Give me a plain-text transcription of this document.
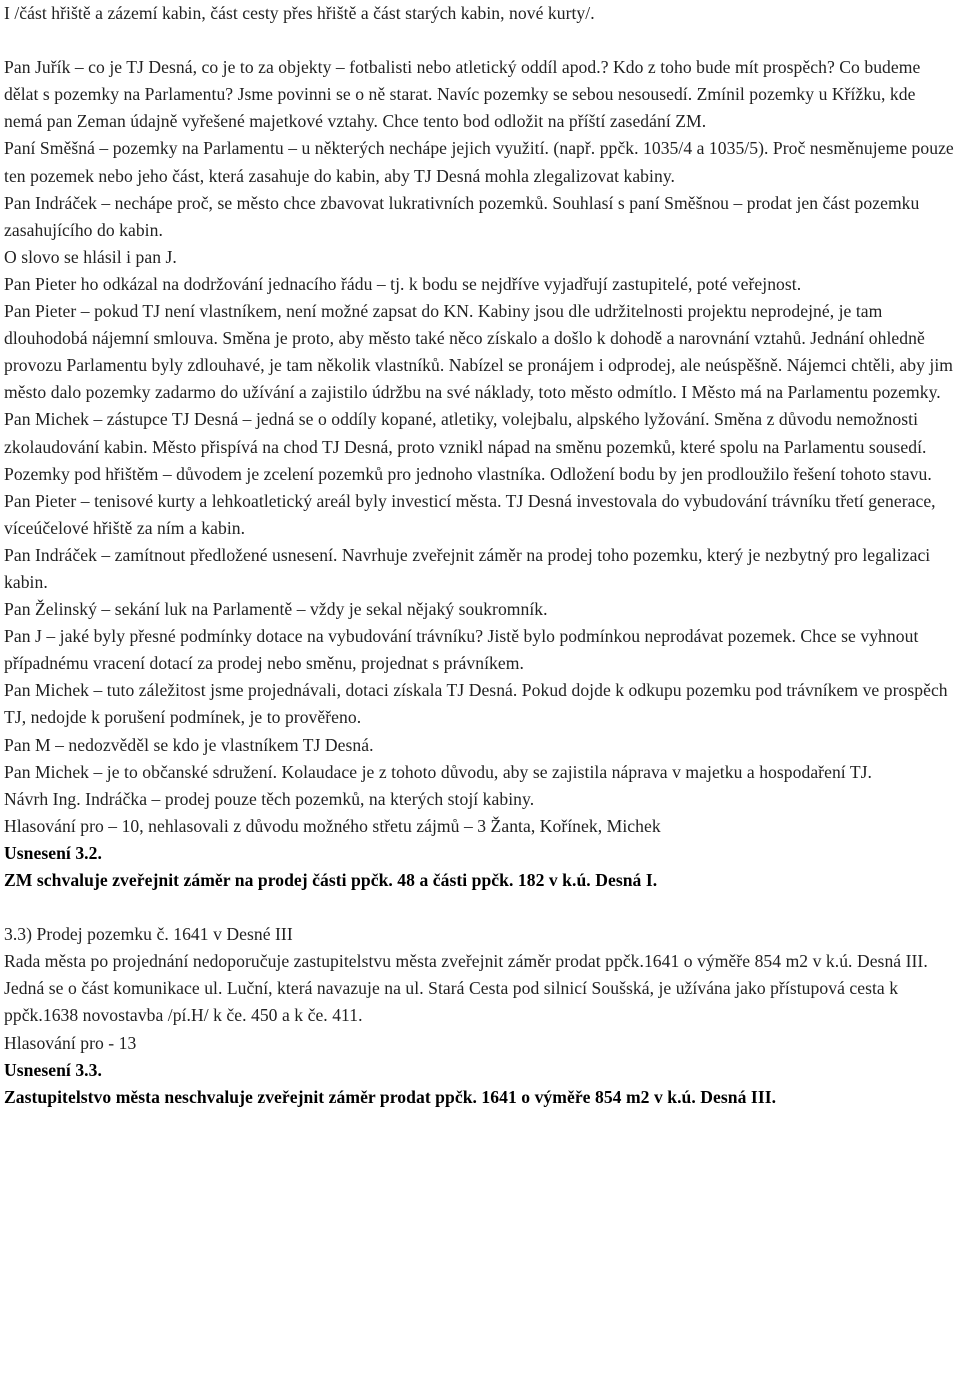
I /část hřiště a zázemí kabin, část cesty přes hřiště a část starých kabin, nové kurty/.

Pan Juřík – co je TJ Desná, co je to za objekty – fotbalisti nebo atletický oddíl apod.? Kdo z toho bude mít prospěch? Co budeme dělat s pozemky na Parlamentu? Jsme povinni se o ně starat. Navíc pozemky se sebou nesousedí. Zmínil pozemky u Křížku, kde nemá pan Zeman údajně vyřešené majetkové vztahy. Chce tento bod odložit na příští zasedání ZM.

Paní Směšná – pozemky na Parlamentu – u některých nechápe jejich využití. (např. ppčk. 1035/4 a 1035/5). Proč nesměnujeme pouze ten pozemek nebo jeho část, která zasahuje do kabin, aby TJ Desná mohla zlegalizovat kabiny.

Pan Indráček – nechápe proč, se město chce zbavovat lukrativních pozemků. Souhlasí s paní Směšnou – prodat jen část pozemku zasahujícího do kabin.

O slovo se hlásil i pan J.

Pan Pieter ho odkázal na dodržování jednacího řádu – tj. k bodu se nejdříve vyjadřují zastupitelé, poté veřejnost.

Pan Pieter – pokud TJ není vlastníkem, není možné zapsat do KN. Kabiny jsou dle udržitelnosti projektu neprodejné, je tam dlouhodobá nájemní smlouva. Směna je proto, aby město také něco získalo a došlo k dohodě a narovnání vztahů. Jednání ohledně provozu Parlamentu byly zdlouhavé, je tam několik vlastníků. Nabízel se pronájem i odprodej, ale neúspěšně. Nájemci chtěli, aby jim město dalo pozemky zadarmo do užívání a zajistilo údržbu na své náklady, toto město odmítlo. I Město má na Parlamentu pozemky.

Pan Michek – zástupce TJ Desná – jedná se o oddíly kopané, atletiky, volejbalu, alpského lyžování. Směna z důvodu nemožnosti zkolaudování kabin. Město přispívá na chod TJ Desná, proto vznikl nápad na směnu pozemků, které spolu na Parlamentu sousedí. Pozemky pod hřištěm – důvodem je zcelení pozemků pro jednoho vlastníka. Odložení bodu by jen prodloužilo řešení tohoto stavu.

Pan Pieter – tenisové kurty a lehkoatletický areál byly investicí města. TJ Desná investovala do vybudování trávníku třetí generace, víceúčelové hřiště za ním a kabin.

Pan Indráček – zamítnout předložené usnesení. Navrhuje zveřejnit záměr na prodej toho pozemku, který je nezbytný pro legalizaci kabin.

Pan Želinský – sekání luk na Parlamentě – vždy je sekal nějaký soukromník.

Pan J – jaké byly přesné podmínky dotace na vybudování trávníku? Jistě bylo podmínkou neprodávat pozemek. Chce se vyhnout případnému vracení dotací za prodej nebo směnu, projednat s právníkem.

Pan Michek – tuto záležitost jsme projednávali, dotaci získala TJ Desná. Pokud dojde k odkupu pozemku pod trávníkem ve prospěch TJ, nedojde k porušení podmínek, je to prověřeno.

Pan M – nedozvěděl se kdo je vlastníkem TJ Desná.

Pan Michek – je to občanské sdružení. Kolaudace je z tohoto důvodu, aby se zajistila náprava v majetku a hospodaření TJ.

Návrh Ing. Indráčka – prodej pouze těch pozemků, na kterých stojí kabiny.

Hlasování pro – 10, nehlasovali z důvodu možného střetu zájmů – 3 Žanta, Kořínek, Michek

Usnesení 3.2.

ZM schvaluje zveřejnit záměr na prodej části ppčk. 48 a části ppčk. 182 v k.ú. Desná I.

3.3) Prodej pozemku č. 1641 v Desné III

Rada města po projednání nedoporučuje zastupitelstvu města zveřejnit záměr prodat ppčk.1641 o výměře 854 m2 v k.ú. Desná III. Jedná se o část komunikace ul. Luční, která navazuje na ul. Stará Cesta pod silnicí Soušská, je užívána jako přístupová cesta k ppčk.1638 novostavba /pí.H/ k če. 450 a k če. 411.

Hlasování pro - 13

Usnesení 3.3.

Zastupitelstvo města neschvaluje zveřejnit záměr prodat ppčk. 1641 o výměře 854 m2 v k.ú. Desná III.
